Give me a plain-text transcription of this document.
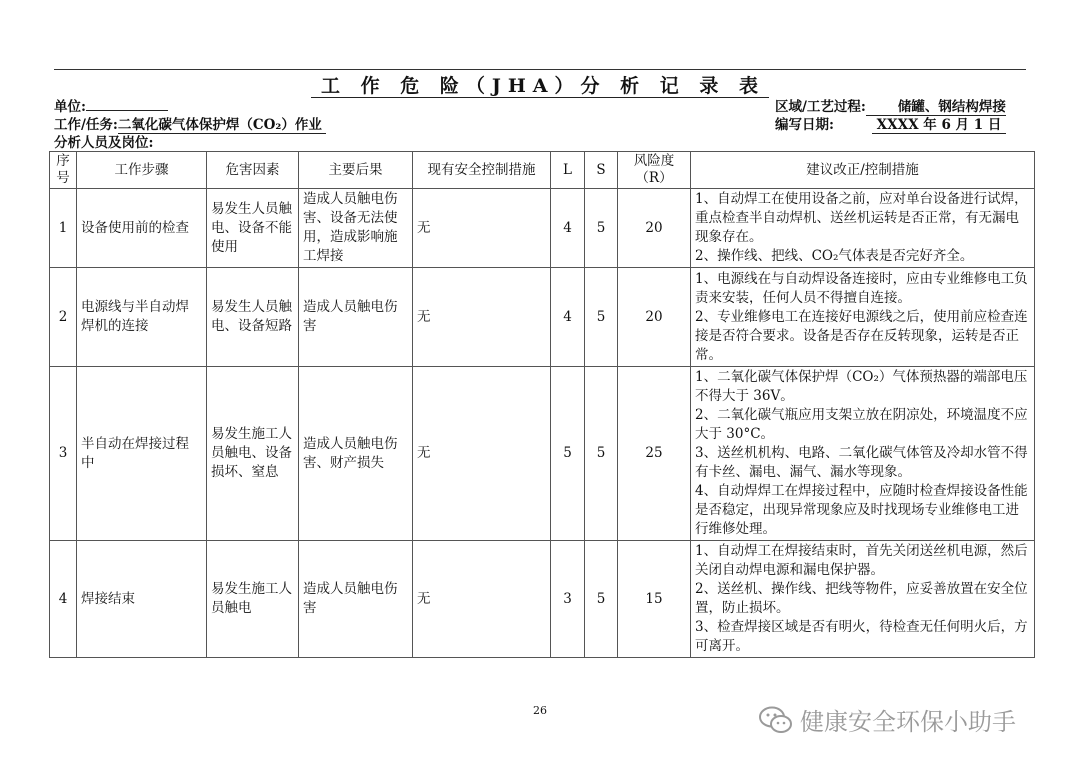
工 作 危 险（JHA）分 析 记 录 表
单位:
工作/任务:二氧化碳气体保护焊（CO₂）作业
分析人员及岗位:
区域/工艺过程: 储罐、钢结构焊接
编写日期:	XXXX 年 6 月 1 日
序号	工作步骤	危害因素	主要后果	现有安全控制措施	L	S	风险度（R）	建议改正/控制措施
1	设备使用前的检查	易发生人员触电、设备不能使用	造成人员触电伤害、设备无法使用，造成影响施工焊接	无	4	5	20	1、自动焊工在使用设备之前，应对单台设备进行试焊，重点检查半自动焊机、送丝机运转是否正常，有无漏电现象存在。

2、操作线、把线、CO₂气体表是否完好齐全。

2	电源线与半自动焊焊机的连接	易发生人员触电、设备短路	造成人员触电伤害	无	4	5	20	1、电源线在与自动焊设备连接时，应由专业维修电工负责来安装，任何人员不得擅自连接。

2、专业维修电工在连接好电源线之后，使用前应检查连接是否符合要求。设备是否存在反转现象，运转是否正常。

3	半自动在焊接过程中	易发生施工人员触电、设备损坏、窒息	造成人员触电伤害、财产损失	无	5	5	25	1、二氧化碳气体保护焊（CO₂）气体预热器的端部电压不得大于 36V。

2、二氧化碳气瓶应用支架立放在阴凉处，环境温度不应大于 30°C。

3、送丝机机构、电路、二氧化碳气体管及冷却水管不得有卡丝、漏电、漏气、漏水等现象。

4、自动焊焊工在焊接过程中，应随时检查焊接设备性能是否稳定，出现异常现象应及时找现场专业维修电工进行维修处理。

4	焊接结束	易发生施工人员触电	造成人员触电伤害	无	3	5	15	1、自动焊工在焊接结束时，首先关闭送丝机电源，然后关闭自动焊电源和漏电保护器。

2、送丝机、操作线、把线等物件，应妥善放置在安全位置，防止损坏。

3、检查焊接区域是否有明火，待检查无任何明火后，方可离开。

26	健康安全环保小助手
